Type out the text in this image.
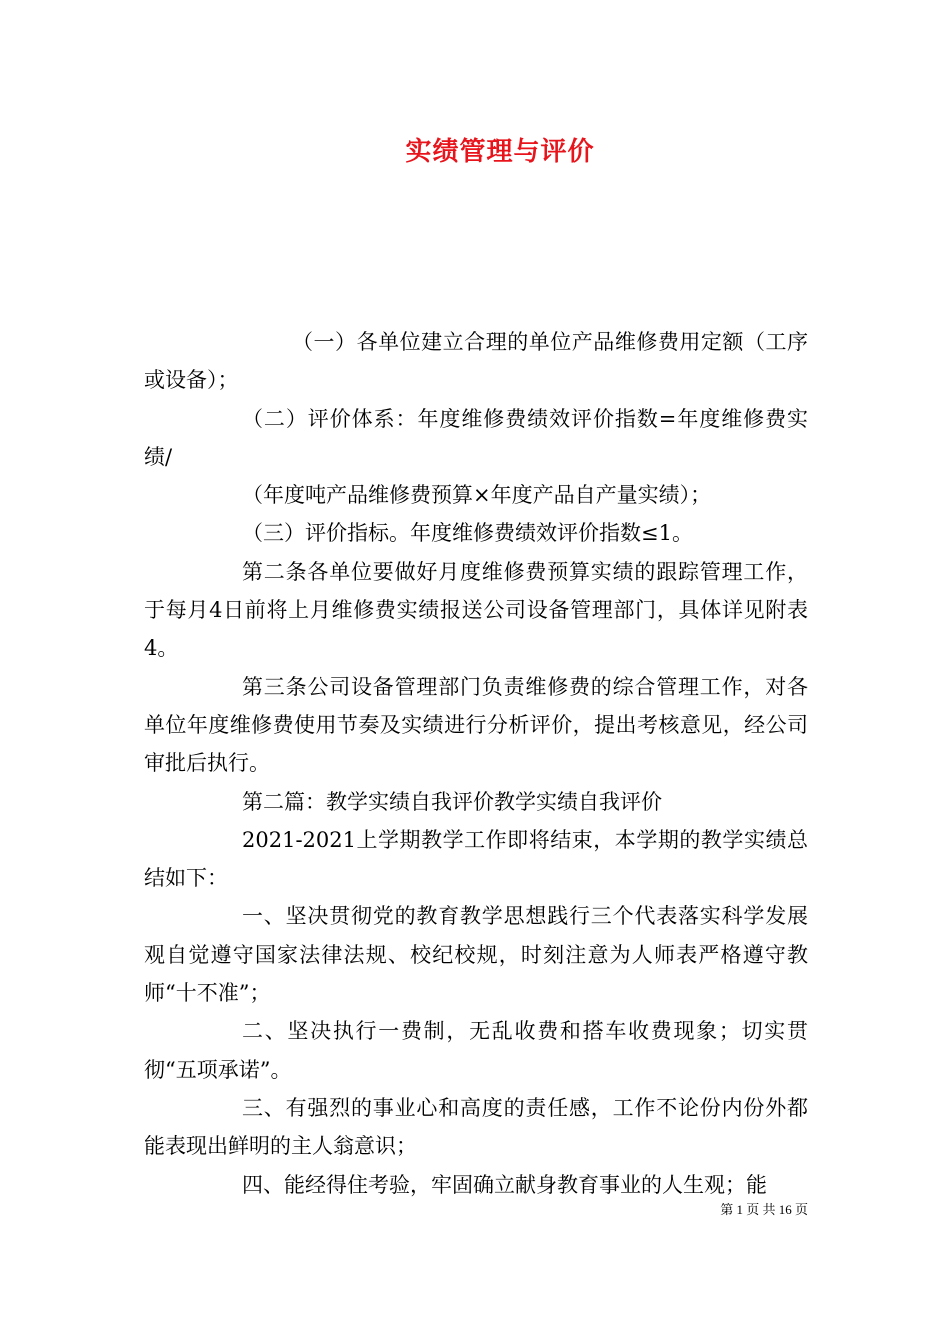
实绩管理与评价

（一）各单位建立合理的单位产品维修费用定额（工序或设备）；

（二）评价体系：年度维修费绩效评价指数=年度维修费实绩/

（年度吨产品维修费预算×年度产品自产量实绩）；

（三）评价指标。年度维修费绩效评价指数≤1。

第二条各单位要做好月度维修费预算实绩的跟踪管理工作，于每月4日前将上月维修费实绩报送公司设备管理部门，具体详见附表4。

第三条公司设备管理部门负责维修费的综合管理工作，对各单位年度维修费使用节奏及实绩进行分析评价，提出考核意见，经公司审批后执行。

第二篇：教学实绩自我评价教学实绩自我评价

2021-2021上学期教学工作即将结束，本学期的教学实绩总结如下：

一、坚决贯彻党的教育教学思想践行三个代表落实科学发展观自觉遵守国家法律法规、校纪校规，时刻注意为人师表严格遵守教师“十不准”；

二、坚决执行一费制，无乱收费和搭车收费现象；切实贯彻“五项承诺”。

三、有强烈的事业心和高度的责任感，工作不论份内份外都能表现出鲜明的主人翁意识；

四、能经得住考验，牢固确立献身教育事业的人生观；能

第 1 页 共 16 页
